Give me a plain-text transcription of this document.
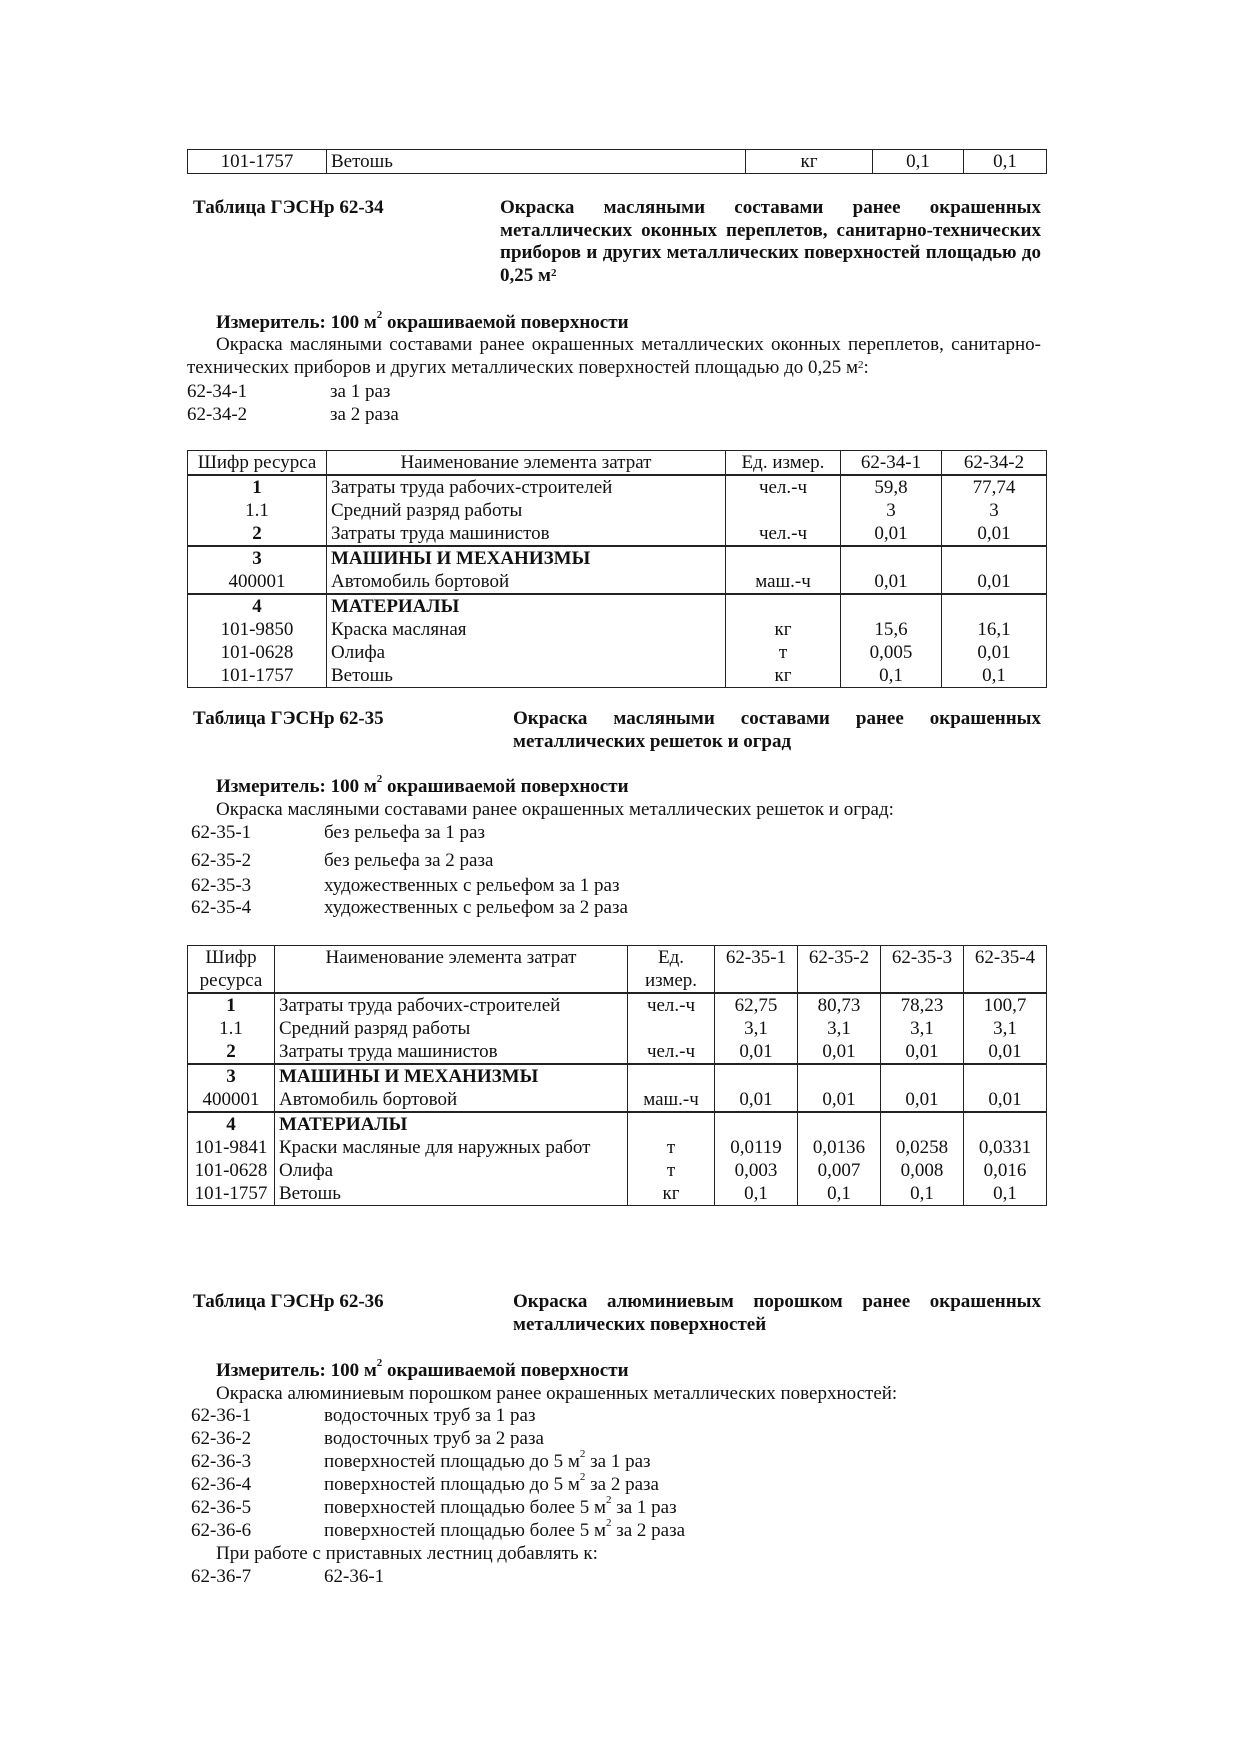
101-1757	Ветошь	кг	0,1	0,1
Таблица ГЭСНр 62-34	Окраска масляными составами ранее окрашенных металлических оконных переплетов, санитарно-технических приборов и других металлических поверхностей площадью до 0,25 $м^2$
Измеритель: 100 $м^2$ окрашиваемой поверхности
Окраска масляными составами ранее окрашенных металлических оконных переплетов, санитарно-технических приборов и других металлических поверхностей площадью до 0,25 $м^2$:
62-34-1	за 1 раз
62-34-2	за 2 раза
Шифр ресурса	Наименование элемента затрат	Ед. измер.	62-34-1	62-34-2
1	Затраты труда рабочих-строителей	чел.-ч	59,8	77,74
1.1	Средний разряд работы		3	3
2	Затраты труда машинистов	чел.-ч	0,01	0,01
3	МАШИНЫ И МЕХАНИЗМЫ			
400001	Автомобиль бортовой	маш.-ч	0,01	0,01
4	МАТЕРИАЛЫ			
101-9850	Краска масляная	кг	15,6	16,1
101-0628	Олифа	т	0,005	0,01
101-1757	Ветошь	кг	0,1	0,1
Таблица ГЭСНр 62-35	Окраска масляными составами ранее окрашенных металлических решеток и оград
Измеритель: 100 $м^2$ окрашиваемой поверхности
Окраска масляными составами ранее окрашенных металлических решеток и оград:
62-35-1	без рельефа за 1 раз
62-35-2	без рельефа за 2 раза
62-35-3	художественных с рельефом за 1 раз
62-35-4	художественных с рельефом за 2 раза
Шифр ресурса	Наименование элемента затрат	Ед. измер.	62-35-1	62-35-2	62-35-3	62-35-4
1	Затраты труда рабочих-строителей	чел.-ч	62,75	80,73	78,23	100,7
1.1	Средний разряд работы		3,1	3,1	3,1	3,1
2	Затраты труда машинистов	чел.-ч	0,01	0,01	0,01	0,01
3	МАШИНЫ И МЕХАНИЗМЫ					
400001	Автомобиль бортовой	маш.-ч	0,01	0,01	0,01	0,01
4	МАТЕРИАЛЫ					
101-9841	Краски масляные для наружных работ	т	0,0119	0,0136	0,0258	0,0331
101-0628	Олифа	т	0,003	0,007	0,008	0,016
101-1757	Ветошь	кг	0,1	0,1	0,1	0,1
Таблица ГЭСНр 62-36	Окраска алюминиевым порошком ранее окрашенных металлических поверхностей
Измеритель: 100 $м^2$ окрашиваемой поверхности
Окраска алюминиевым порошком ранее окрашенных металлических поверхностей:
62-36-1	водосточных труб за 1 раз
62-36-2	водосточных труб за 2 раза
62-36-3	поверхностей площадью до 5 $м^2$ за 1 раз
62-36-4	поверхностей площадью до 5 $м^2$ за 2 раза
62-36-5	поверхностей площадью более 5 $м^2$ за 1 раз
62-36-6	поверхностей площадью более 5 $м^2$ за 2 раза
При работе с приставных лестниц добавлять к:
62-36-7	62-36-1
